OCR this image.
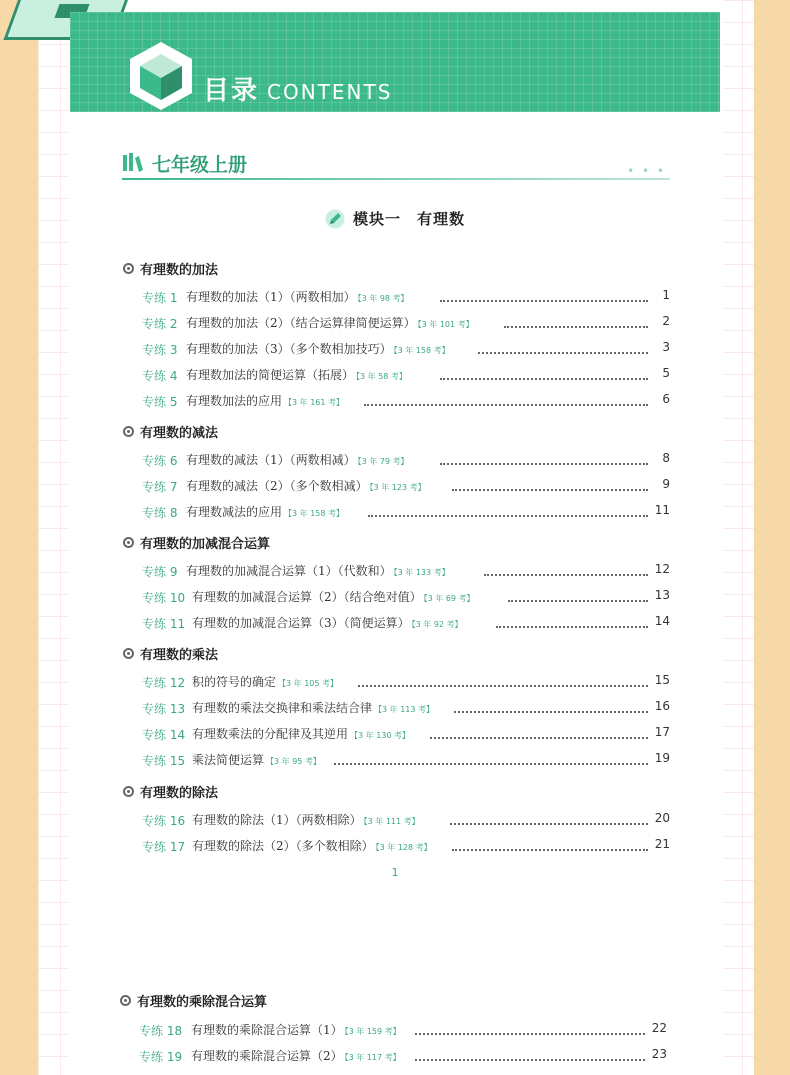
目录 CONTENTS
七年级上册	• • •
模块一　有理数
有理数的加法
有理数的减法
有理数的加减混合运算
有理数的乘法
有理数的除法
有理数的乘除混合运算
专练 1 有理数的加法（1）（两数相加） 【3 年 98 考】	1
专练 2 有理数的加法（2）（结合运算律简便运算） 【3 年 101 考】	2
专练 3 有理数的加法（3）（多个数相加技巧） 【3 年 158 考】	3
专练 4 有理数加法的简便运算（拓展） 【3 年 58 考】	5
专练 5 有理数加法的应用 【3 年 161 考】	6
专练 6 有理数的减法（1）（两数相减） 【3 年 79 考】	8
专练 7 有理数的减法（2）（多个数相减） 【3 年 123 考】	9
专练 8 有理数减法的应用 【3 年 158 考】	11
专练 9 有理数的加减混合运算（1）（代数和） 【3 年 133 考】	12
专练 10 有理数的加减混合运算（2）（结合绝对值） 【3 年 69 考】	13
专练 11 有理数的加减混合运算（3）（简便运算） 【3 年 92 考】	14
专练 12 积的符号的确定 【3 年 105 考】	15
专练 13 有理数的乘法交换律和乘法结合律 【3 年 113 考】	16
专练 14 有理数乘法的分配律及其逆用 【3 年 130 考】	17
专练 15 乘法简便运算 【3 年 95 考】	19
专练 16 有理数的除法（1）（两数相除） 【3 年 111 考】	20
专练 17 有理数的除法（2）（多个数相除） 【3 年 128 考】	21
1
专练 18 有理数的乘除混合运算（1） 【3 年 159 考】	22
专练 19 有理数的乘除混合运算（2） 【3 年 117 考】	23
